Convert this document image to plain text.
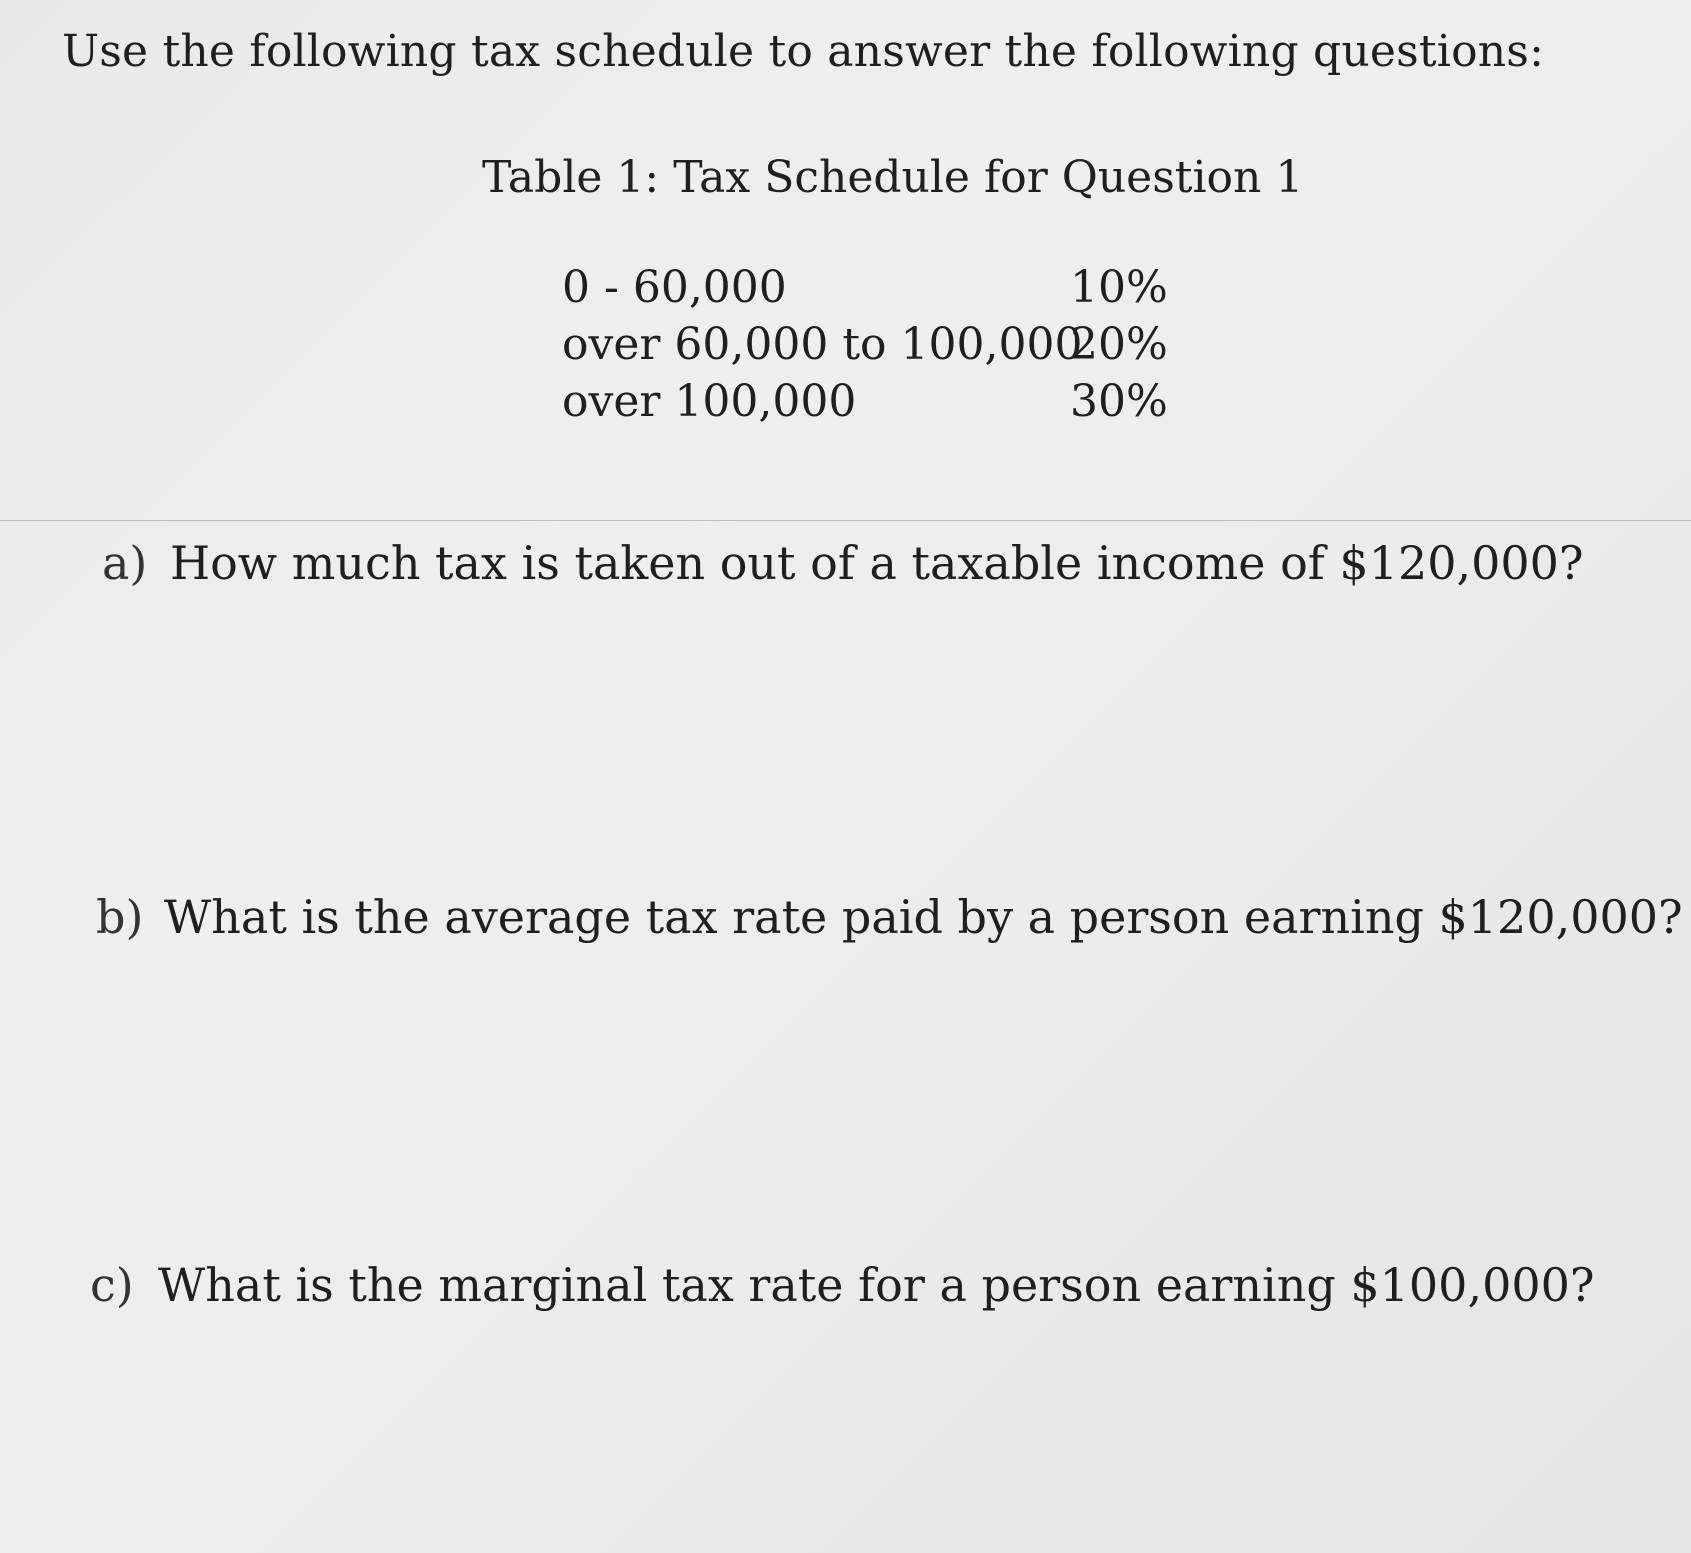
Use the following tax schedule to answer the following questions:
Table 1: Tax Schedule for Question 1
0 - 60,000	10%
over 60,000 to 100,000
20%
over 100,000	30%
a) How much tax is taken out of a taxable income of $120,000?
b) What is the average tax rate paid by a person earning $120,000?
c) What is the marginal tax rate for a person earning $100,000?
